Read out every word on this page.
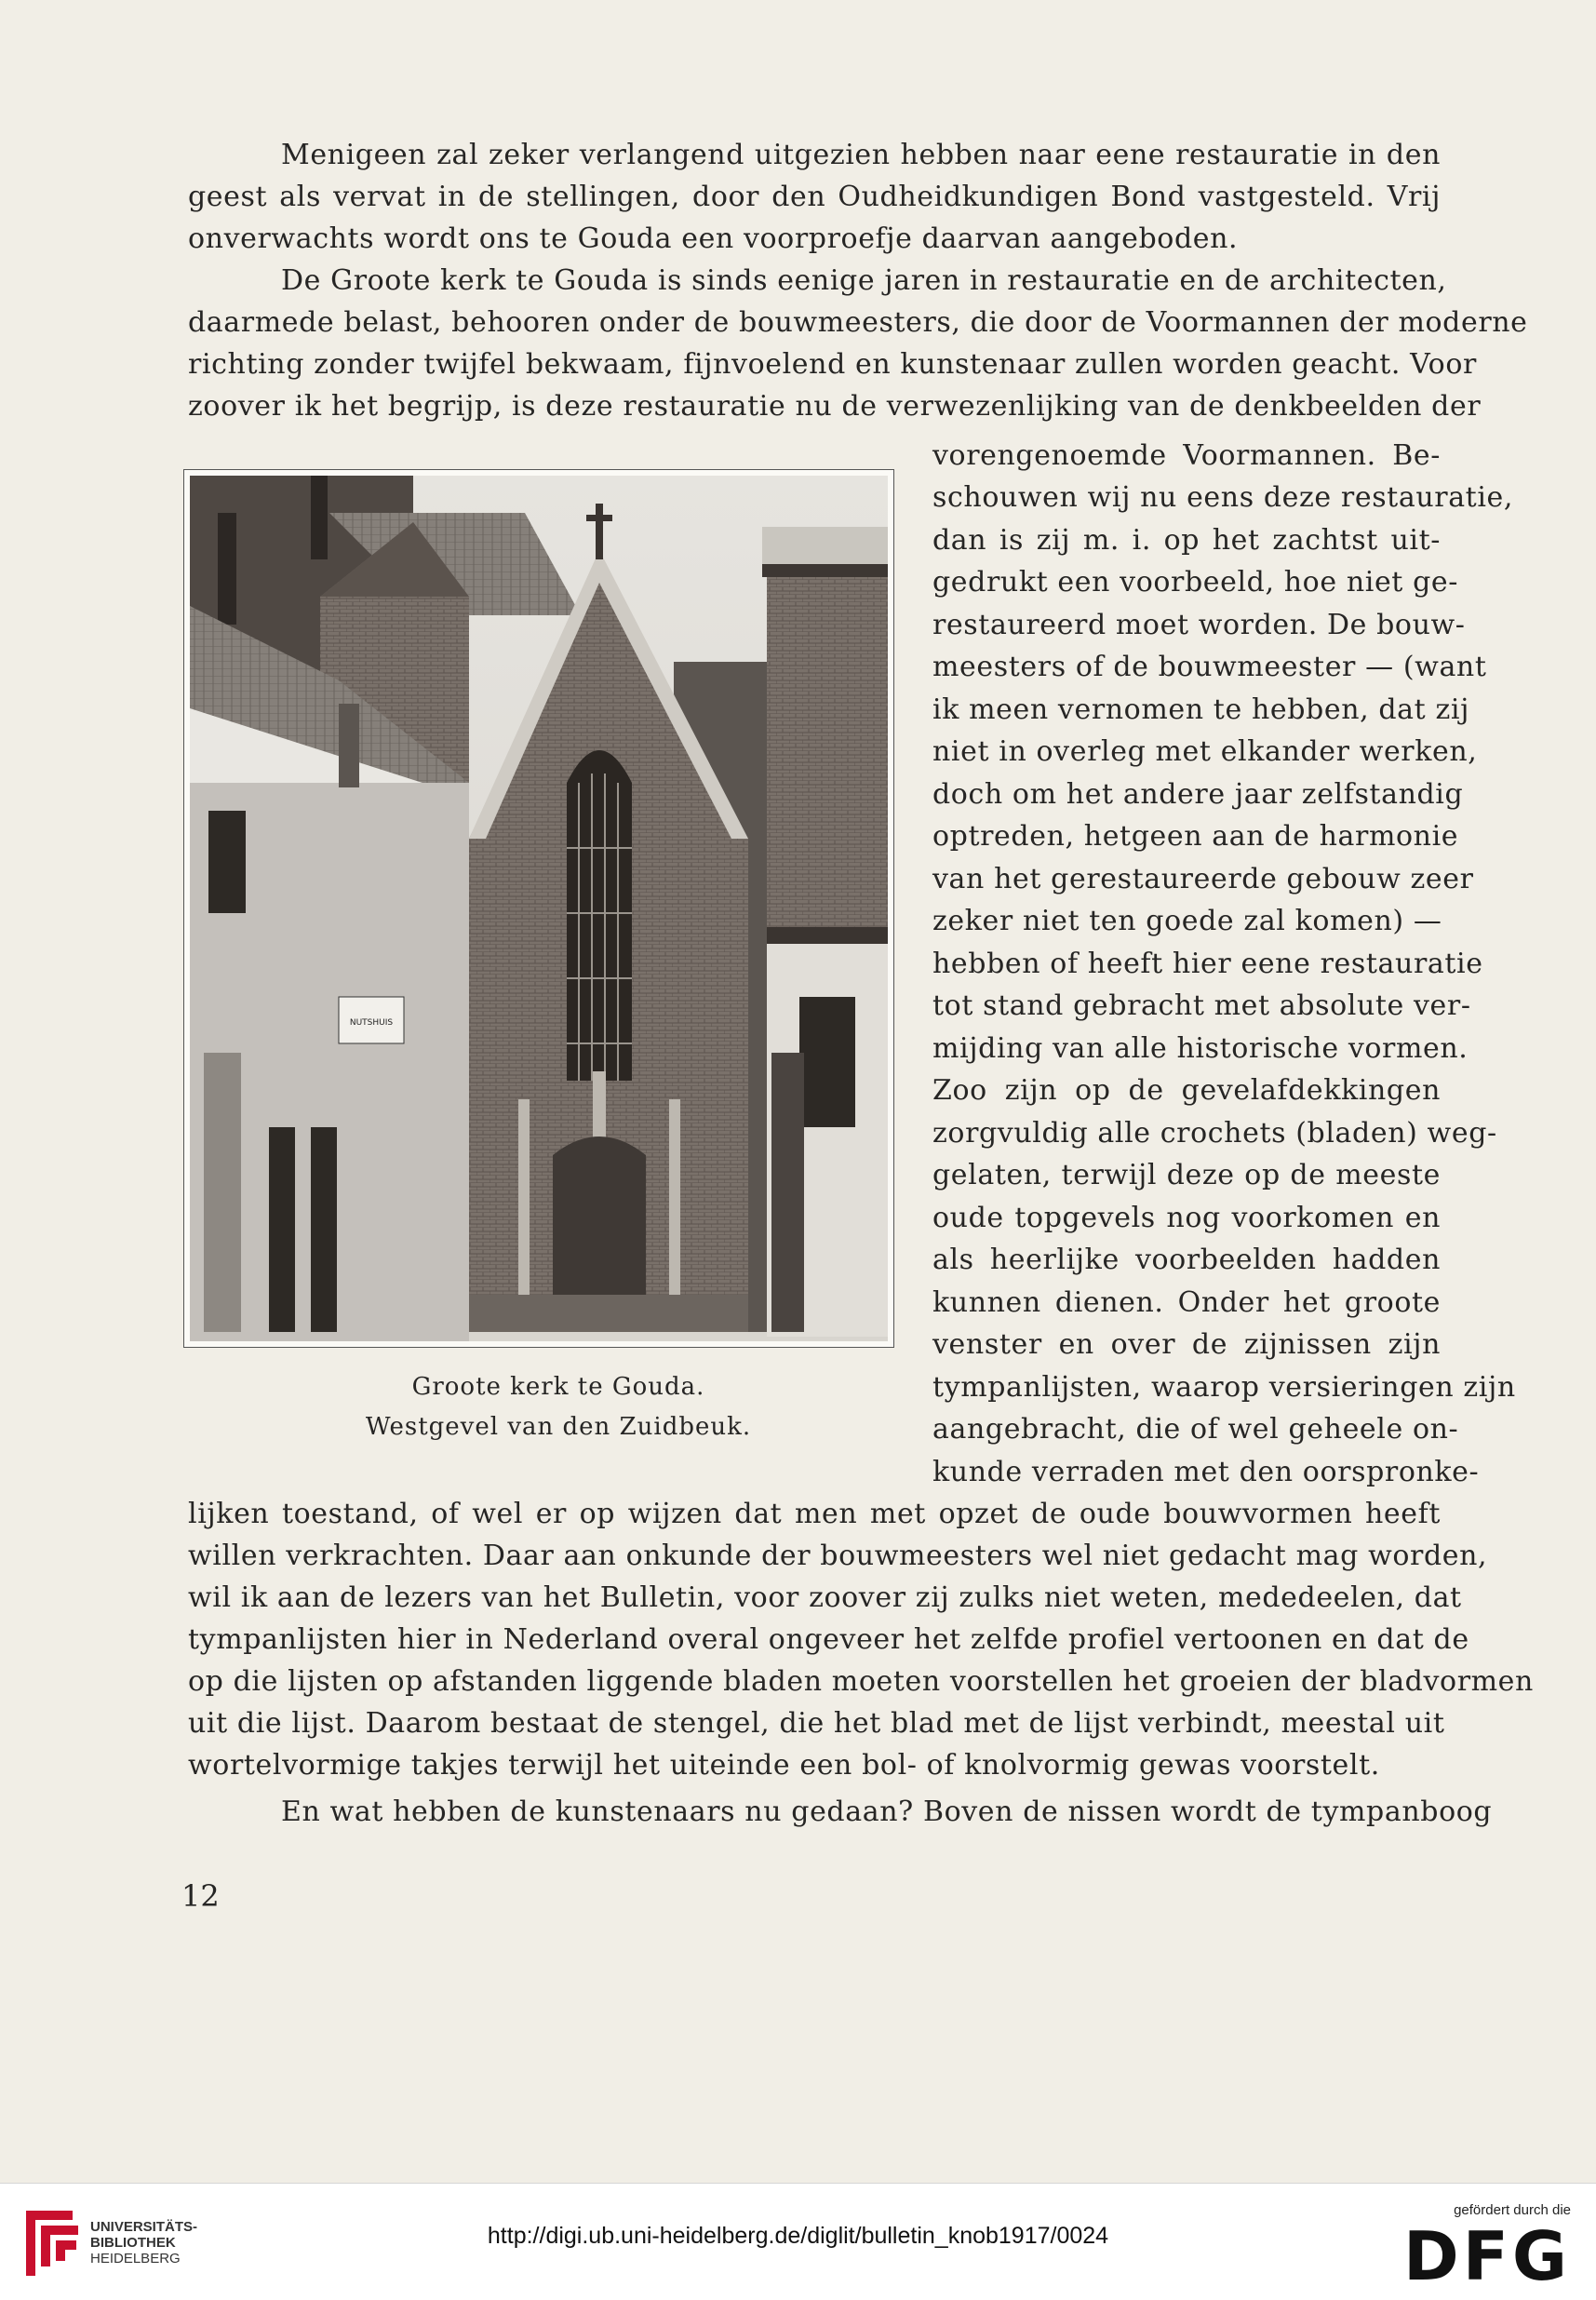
Menigeen zal zeker verlangend uitgezien hebben naar eene restauratie in den
geest als vervat in de stellingen, door den Oudheidkundigen Bond vastgesteld. Vrij
onverwachts wordt ons te Gouda een voorproefje daarvan aangeboden.
De Groote kerk te Gouda is sinds eenige jaren in restauratie en de architecten,
daarmede belast, behooren onder de bouwmeesters, die door de Voormannen der moderne
richting zonder twijfel bekwaam, fijnvoelend en kunstenaar zullen worden geacht. Voor
zoover ik het begrijp, is deze restauratie nu de verwezenlijking van de denkbeelden der
vorengenoemde Voormannen. Be-
schouwen wij nu eens deze restauratie,
dan is zij m. i. op het zachtst uit-
gedrukt een voorbeeld, hoe niet ge-
restaureerd moet worden. De bouw-
meesters of de bouwmeester — (want
ik meen vernomen te hebben, dat zij
niet in overleg met elkander werken,
doch om het andere jaar zelfstandig
optreden, hetgeen aan de harmonie
van het gerestaureerde gebouw zeer
zeker niet ten goede zal komen) —
hebben of heeft hier eene restauratie
tot stand gebracht met absolute ver-
mijding van alle historische vormen.
Zoo zijn op de gevelafdekkingen
zorgvuldig alle crochets (bladen) weg-
gelaten, terwijl deze op de meeste
oude topgevels nog voorkomen en
als heerlijke voorbeelden hadden
kunnen dienen. Onder het groote
venster en over de zijnissen zijn
tympanlijsten, waarop versieringen zijn
aangebracht, die of wel geheele on-
kunde verraden met den oorspronke-
lijken toestand, of wel er op wijzen dat men met opzet de oude bouwvormen heeft
willen verkrachten. Daar aan onkunde der bouwmeesters wel niet gedacht mag worden,
wil ik aan de lezers van het Bulletin, voor zoover zij zulks niet weten, mededeelen, dat
tympanlijsten hier in Nederland overal ongeveer het zelfde profiel vertoonen en dat de
op die lijsten op afstanden liggende bladen moeten voorstellen het groeien der bladvormen
uit die lijst. Daarom bestaat de stengel, die het blad met de lijst verbindt, meestal uit
wortelvormige takjes terwijl het uiteinde een bol- of knolvormig gewas voorstelt.
En wat hebben de kunstenaars nu gedaan? Boven de nissen wordt de tympanboog
NUTSHUIS
Groote kerk te Gouda.
Westgevel van den Zuidbeuk.
12
UNIVERSITÄTS-
BIBLIOTHEK
HEIDELBERG
http://digi.ub.uni-heidelberg.de/diglit/bulletin_knob1917/0024
gefördert durch die
DFG
